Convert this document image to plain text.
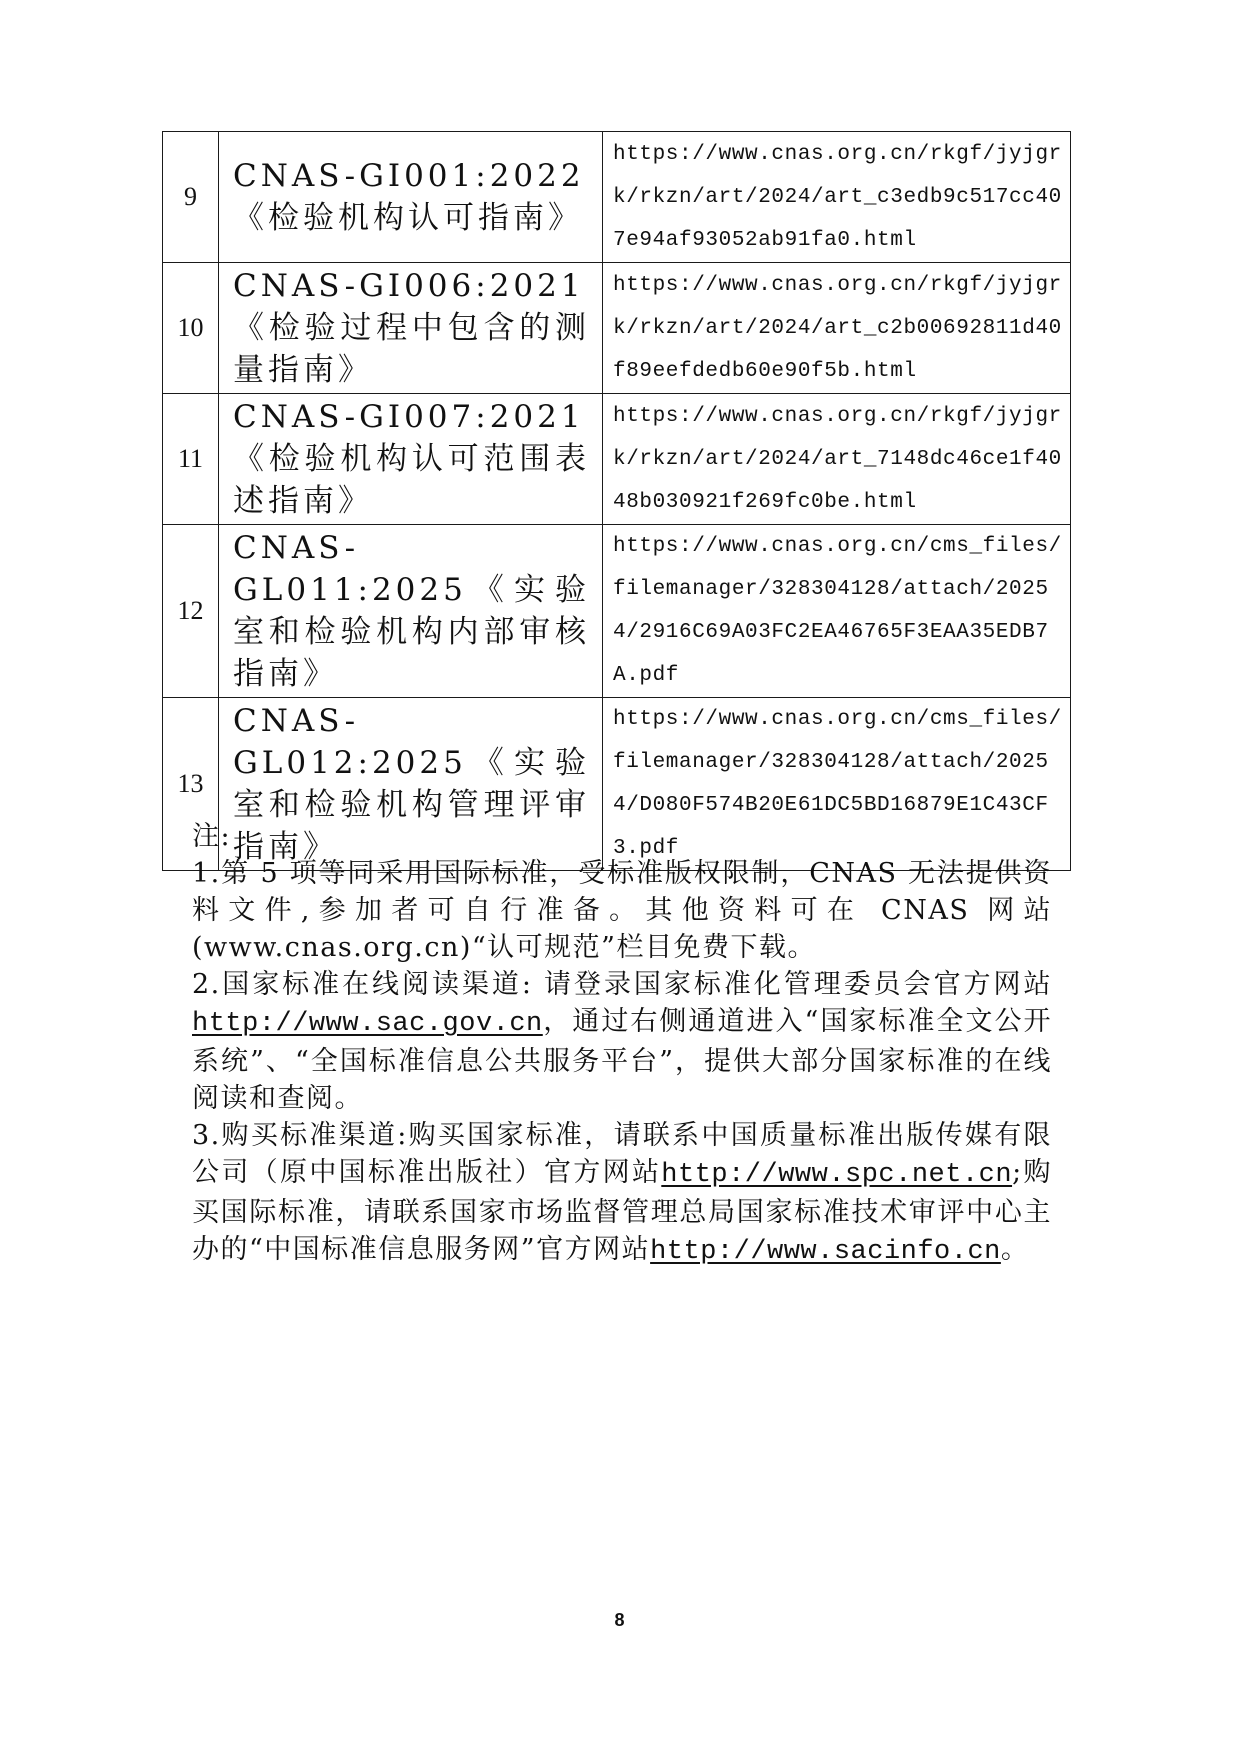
9	CNAS-GI001:2022《检验机构认可指南》	https://www.cnas.org.cn/rkgf/jyjgrk/rkzn/art/2024/art_c3edb9c517cc407e94af93052ab91fa0.html
10	CNAS-GI006:2021《检验过程中包含的测量指南》	https://www.cnas.org.cn/rkgf/jyjgrk/rkzn/art/2024/art_c2b00692811d40f89eefdedb60e90f5b.html
11	CNAS-GI007:2021《检验机构认可范围表述指南》	https://www.cnas.org.cn/rkgf/jyjgrk/rkzn/art/2024/art_7148dc46ce1f4048b030921f269fc0be.html
12	CNAS-GL011:2025《实验室和检验机构内部审核指南》	https://www.cnas.org.cn/cms_files/filemanager/328304128/attach/20254/2916C69A03FC2EA46765F3EAA35EDB7A.pdf
13	CNAS-GL012:2025《实验室和检验机构管理评审指南》	https://www.cnas.org.cn/cms_files/filemanager/328304128/attach/20254/D080F574B20E61DC5BD16879E1C43CF3.pdf

注:

1.第 5 项等同采用国际标准，受标准版权限制，CNAS 无法提供资料文件,参加者可自行准备。其他资料可在 CNAS 网站(www.cnas.org.cn)“认可规范”栏目免费下载。

2.国家标准在线阅读渠道: 请登录国家标准化管理委员会官方网站http://www.sac.gov.cn，通过右侧通道进入“国家标准全文公开系统”、“全国标准信息公共服务平台”，提供大部分国家标准的在线阅读和查阅。

3.购买标准渠道:购买国家标准，请联系中国质量标准出版传媒有限公司（原中国标准出版社）官方网站http://www.spc.net.cn;购买国际标准，请联系国家市场监督管理总局国家标准技术审评中心主办的“中国标准信息服务网”官方网站http://www.sacinfo.cn。

8
